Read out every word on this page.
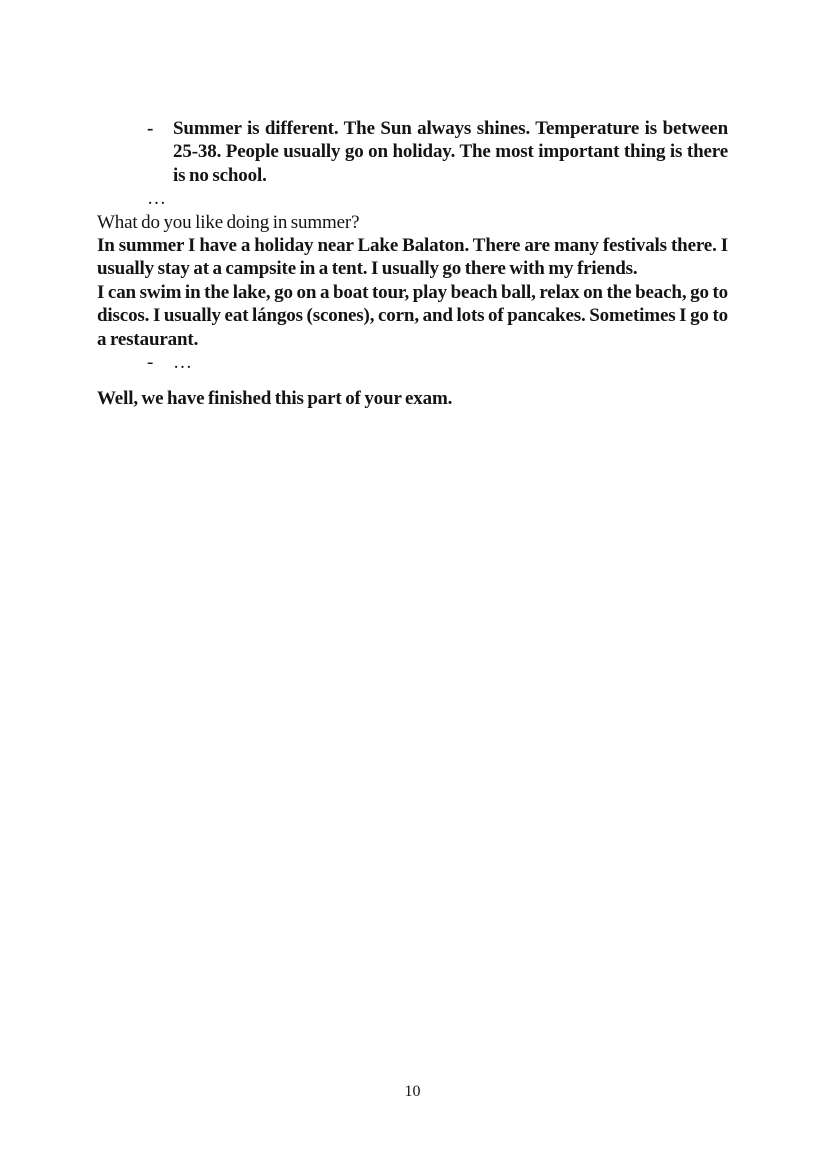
-	Summer is different. The Sun always shines. Temperature is between 25-38. People usually go on holiday. The most important thing is there is no school.
…
What do you like doing in summer?
In summer I have a holiday near Lake Balaton. There are many festivals there. I usually stay at a campsite in a tent. I usually go there with my friends.
I can swim in the lake, go on a boat tour, play beach ball, relax on the beach, go to discos. I usually eat lángos (scones), corn, and lots of pancakes. Sometimes I go to a restaurant.
-	…
Well, we have finished this part of your exam.
10
